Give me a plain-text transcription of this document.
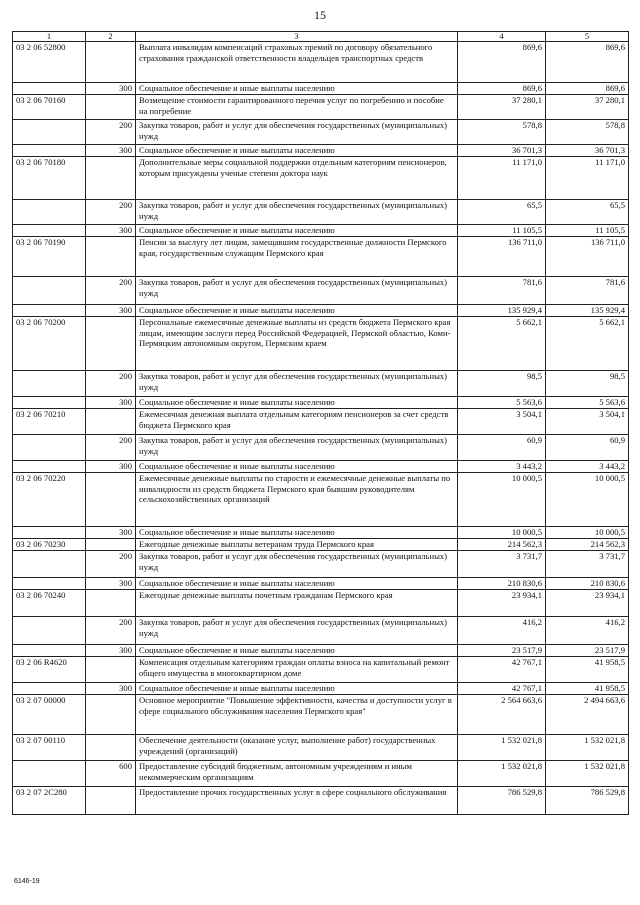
15
1	2	3	4	5
03 2 06 52800		Выплата инвалидам компенсаций страховых премий по договору обязательного страхования гражданской ответственности владельцев транспортных средств	869,6	869,6
	300	Социальное обеспечение и иные выплаты населению	869,6	869,6
03 2 06 70160		Возмещение стоимости гарантированного перечня услуг по погребению и пособие на погребение	37 280,1	37 280,1
	200	Закупка товаров, работ и услуг для обеспечения государственных (муниципальных) нужд	578,8	578,8
	300	Социальное обеспечение и иные выплаты населению	36 701,3	36 701,3
03 2 06 70180		Дополнительные меры социальной поддержки отдельным категориям пенсионеров, которым присуждены ученые степени доктора наук	11 171,0	11 171,0
	200	Закупка товаров, работ и услуг для обеспечения государственных (муниципальных) нужд	65,5	65,5
	300	Социальное обеспечение и иные выплаты населению	11 105,5	11 105,5
03 2 06 70190		Пенсии за выслугу лет лицам, замещавшим государственные должности Пермского края, государственным служащим Пермского края	136 711,0	136 711,0
	200	Закупка товаров, работ и услуг для обеспечения государственных (муниципальных) нужд	781,6	781,6
	300	Социальное обеспечение и иные выплаты населению	135 929,4	135 929,4
03 2 06 70200		Персональные ежемесячные денежные выплаты из средств бюджета Пермского края лицам, имеющим заслуги перед Российской Федерацией, Пермской областью, Коми-Пермяцким автономным округом, Пермским краем	5 662,1	5 662,1
	200	Закупка товаров, работ и услуг для обеспечения государственных (муниципальных) нужд	98,5	98,5
	300	Социальное обеспечение и иные выплаты населению	5 563,6	5 563,6
03 2 06 70210		Ежемесячная денежная выплата отдельным категориям пенсионеров за счет средств бюджета Пермского края	3 504,1	3 504,1
	200	Закупка товаров, работ и услуг для обеспечения государственных (муниципальных) нужд	60,9	60,9
	300	Социальное обеспечение и иные выплаты населению	3 443,2	3 443,2
03 2 06 70220		Ежемесячные денежные выплаты по старости и ежемесячные денежные выплаты по инвалидности из средств бюджета Пермского края бывшим руководителям сельскохозяйственных организаций	10 000,5	10 000,5
	300	Социальное обеспечение и иные выплаты населению	10 000,5	10 000,5
03 2 06 70230		Ежегодные денежные выплаты ветеранам труда Пермского края	214 562,3	214 562,3
	200	Закупка товаров, работ и услуг для обеспечения государственных (муниципальных) нужд	3 731,7	3 731,7
	300	Социальное обеспечение и иные выплаты населению	210 830,6	210 830,6
03 2 06 70240		Ежегодные денежные выплаты почетным гражданам Пермского края	23 934,1	23 934,1
	200	Закупка товаров, работ и услуг для обеспечения государственных (муниципальных) нужд	416,2	416,2
	300	Социальное обеспечение и иные выплаты населению	23 517,9	23 517,9
03 2 06 R4620		Компенсация отдельным категориям граждан оплаты взноса на капитальный ремонт общего имущества в многоквартирном доме	42 767,1	41 958,5
	300	Социальное обеспечение и иные выплаты населению	42 767,1	41 958,5
03 2 07 00000		Основное мероприятие "Повышение эффективности, качества и доступности услуг в сфере социального обслуживания населения Пермского края"	2 564 663,6	2 494 663,6
03 2 07 00110		Обеспечение деятельности (оказание услуг, выполнение работ) государственных учреждений (организаций)	1 532 021,8	1 532 021,8
	600	Предоставление субсидий бюджетным, автономным учреждениям и иным некоммерческим организациям	1 532 021,8	1 532 021,8
03 2 07 2С280		Предоставление прочих государственных услуг в сфере социального обслуживания	786 529,8	786 529,8
6146-19
